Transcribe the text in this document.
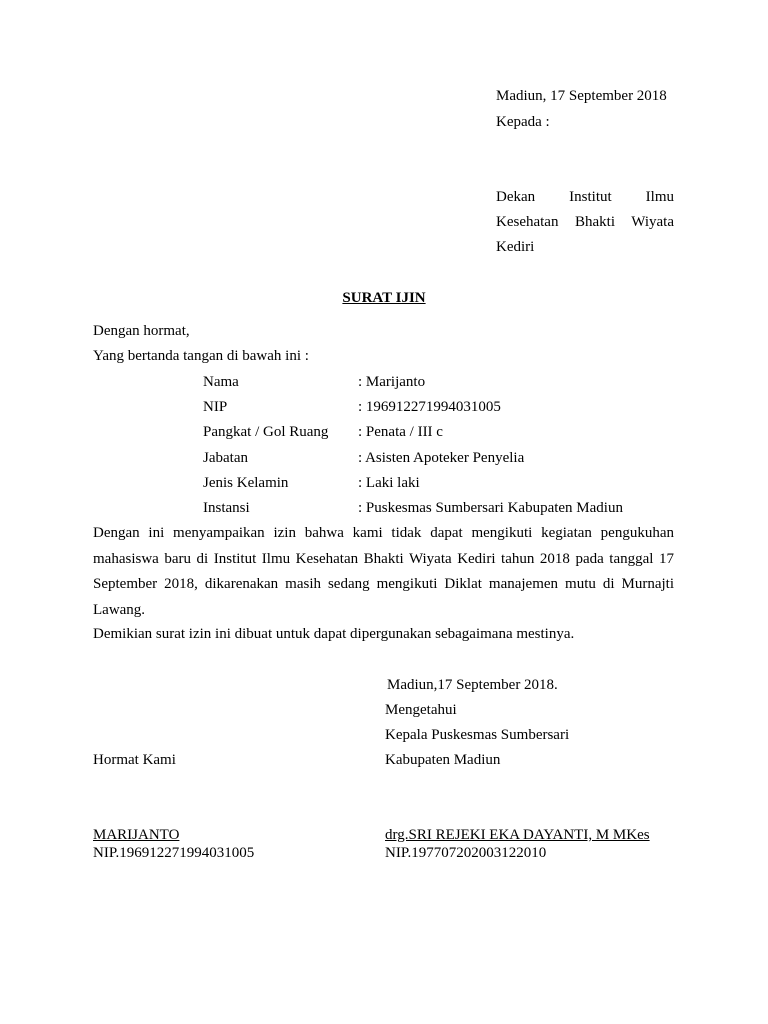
Madiun, 17 September 2018
Kepada :
Dekan Institut Ilmu
Kesehatan Bhakti Wiyata
Kediri
SURAT IJIN
Dengan hormat,
Yang bertanda tangan di bawah ini :
Nama	: Marijanto
NIP	: 196912271994031005
Pangkat / Gol Ruang : Penata / III c
Jabatan	: Asisten Apoteker Penyelia
Jenis Kelamin	: Laki laki
Instansi	: Puskesmas Sumbersari Kabupaten Madiun
Dengan ini menyampaikan izin bahwa kami tidak dapat mengikuti kegiatan pengukuhan
mahasiswa baru di Institut Ilmu Kesehatan Bhakti Wiyata Kediri tahun 2018 pada tanggal 17
September 2018, dikarenakan masih sedang mengikuti Diklat manajemen mutu di Murnajti
Lawang.
Demikian surat izin ini dibuat untuk dapat dipergunakan sebagaimana mestinya.
Madiun,17 September 2018.
Mengetahui
Kepala Puskesmas Sumbersari
Kabupaten Madiun
Hormat Kami
MARIJANTO
NIP.196912271994031005
drg.SRI REJEKI EKA DAYANTI, M MKes
NIP.197707202003122010
